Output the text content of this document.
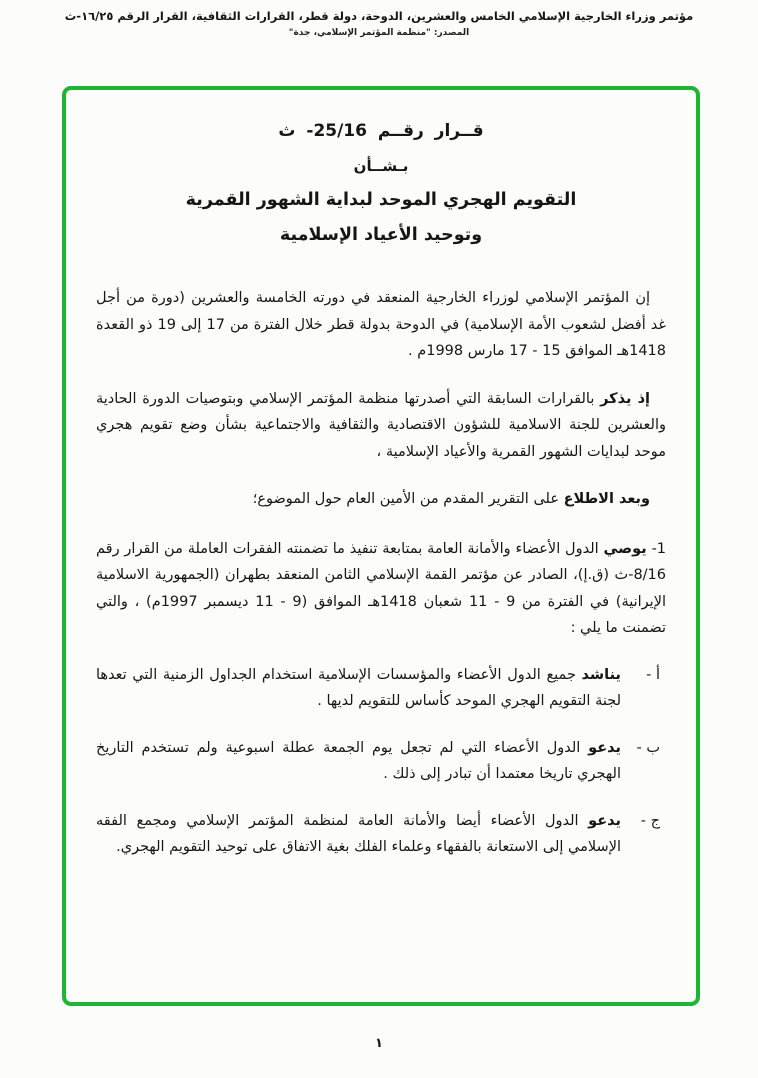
مؤتمر وزراء الخارجية الإسلامي الخامس والعشرين، الدوحة، دولة قطر، القرارات الثقافية، القرار الرقم ١٦/٢٥-ث
المصدر: "منظمة المؤتمر الإسلامي، جدة"
قــرار رقــم 25/16- ث
بـشــأن
التقويم الهجري الموحد لبداية الشهور القمرية
وتوحيد الأعياد الإسلامية

إن المؤتمر الإسلامي لوزراء الخارجية المنعقد في دورته الخامسة والعشرين (دورة من أجل غد أفضل لشعوب الأمة الإسلامية) في الدوحة بدولة قطر خلال الفترة من 17 إلى 19 ذو القعدة 1418هـ الموافق 15 - 17 مارس 1998م .

إذ يذكر بالقرارات السابقة التي أصدرتها منظمة المؤتمر الإسلامي وبتوصيات الدورة الحادية والعشرين للجنة الاسلامية للشؤون الاقتصادية والثقافية والاجتماعية بشأن وضع تقويم هجري موحد لبدايات الشهور القمرية والأعياد الإسلامية ،

وبعد الاطلاع على التقرير المقدم من الأمين العام حول الموضوع؛

1- يوصي الدول الأعضاء والأمانة العامة بمتابعة تنفيذ ما تضمنته الفقرات العاملة من القرار رقم 8/16-ث (ق.إ)، الصادر عن مؤتمر القمة الإسلامي الثامن المنعقد بطهران (الجمهورية الاسلامية الإيرانية) في الفترة من 9 - 11 شعبان 1418هـ الموافق (9 - 11 ديسمبر 1997م) ، والتي تضمنت ما يلي :

أ -

يناشد جميع الدول الأعضاء والمؤسسات الإسلامية استخدام الجداول الزمنية التي تعدها لجنة التقويم الهجري الموحد كأساس للتقويم لديها .

ب -

يدعو الدول الأعضاء التي لم تجعل يوم الجمعة عطلة اسبوعية ولم تستخدم التاريخ الهجري تاريخا معتمدا أن تبادر إلى ذلك .

ج -

يدعو الدول الأعضاء أيضا والأمانة العامة لمنظمة المؤتمر الإسلامي ومجمع الفقه الإسلامي إلى الاستعانة بالفقهاء وعلماء الفلك بغية الاتفاق على توحيد التقويم الهجري.

١
